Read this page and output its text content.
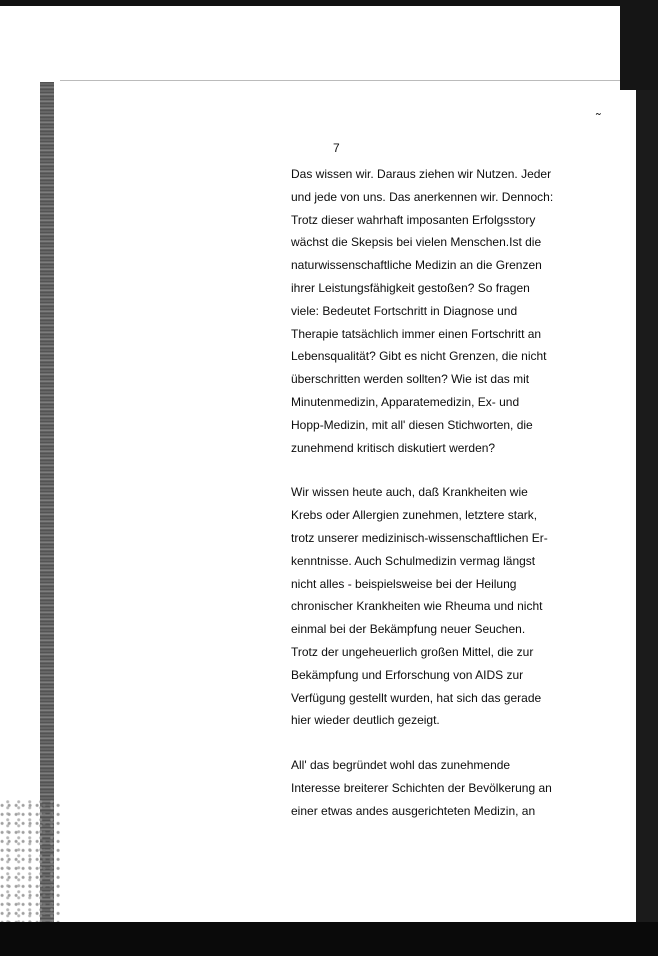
˜
7
Das wissen wir. Daraus ziehen wir Nutzen. Jeder
und jede von uns. Das anerkennen wir. Dennoch:
Trotz dieser wahrhaft imposanten Erfolgsstory
wächst die Skepsis bei vielen Menschen.Ist die
naturwissenschaftliche Medizin an die Grenzen
ihrer Leistungsfähigkeit gestoßen? So fragen
viele: Bedeutet Fortschritt in Diagnose und
Therapie tatsächlich immer einen Fortschritt an
Lebensqualität? Gibt es nicht Grenzen, die nicht
überschritten werden sollten? Wie ist das mit
Minutenmedizin, Apparatemedizin, Ex- und
Hopp-Medizin, mit all' diesen Stichworten, die
zunehmend kritisch diskutiert werden?
Wir wissen heute auch, daß Krankheiten wie
Krebs oder Allergien zunehmen, letztere stark,
trotz unserer medizinisch-wissenschaftlichen Er-
kenntnisse. Auch Schulmedizin vermag längst
nicht alles - beispielsweise bei der Heilung
chronischer Krankheiten wie Rheuma und nicht
einmal bei der Bekämpfung neuer Seuchen.
Trotz der ungeheuerlich großen Mittel, die zur
Bekämpfung und Erforschung von AIDS zur
Verfügung gestellt wurden, hat sich das gerade
hier wieder deutlich gezeigt.
All' das begründet wohl das zunehmende
Interesse breiterer Schichten der Bevölkerung an
einer etwas andes ausgerichteten Medizin, an
